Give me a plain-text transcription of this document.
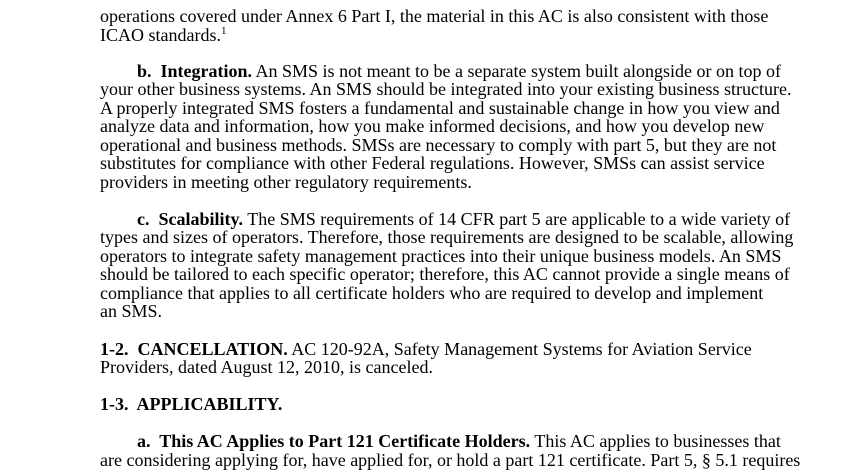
operations covered under Annex 6 Part I, the material in this AC is also consistent with those
ICAO standards.$^1$
b. Integration. An SMS is not meant to be a separate system built alongside or on top of
your other business systems. An SMS should be integrated into your existing business structure.
A properly integrated SMS fosters a fundamental and sustainable change in how you view and
analyze data and information, how you make informed decisions, and how you develop new
operational and business methods. SMSs are necessary to comply with part 5, but they are not
substitutes for compliance with other Federal regulations. However, SMSs can assist service
providers in meeting other regulatory requirements.
c. Scalability. The SMS requirements of 14 CFR part 5 are applicable to a wide variety of
types and sizes of operators. Therefore, those requirements are designed to be scalable, allowing
operators to integrate safety management practices into their unique business models. An SMS
should be tailored to each specific operator; therefore, this AC cannot provide a single means of
compliance that applies to all certificate holders who are required to develop and implement
an SMS.
1-2. CANCELLATION. AC 120-92A, Safety Management Systems for Aviation Service
Providers, dated August 12, 2010, is canceled.
1-3. APPLICABILITY.
a. This AC Applies to Part 121 Certificate Holders. This AC applies to businesses that
are considering applying for, have applied for, or hold a part 121 certificate. Part 5, § 5.1 requires
